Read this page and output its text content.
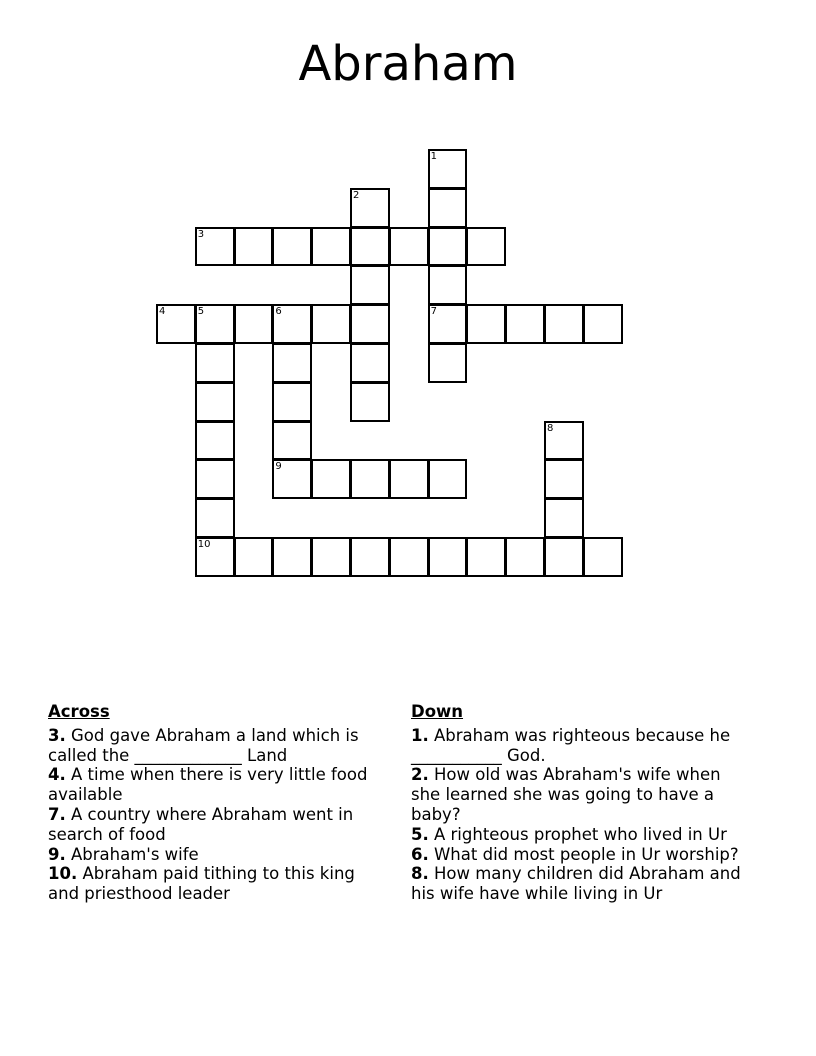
Abraham
1
2
3
4	5	6	7
8
9
10
Across

3. God gave Abraham a land which is called the _____________ Land

4. A time when there is very little food available

7. A country where Abraham went in search of food

9. Abraham's wife

10. Abraham paid tithing to this king and priesthood leader

Down

1. Abraham was righteous because he ___________ God.

2. How old was Abraham's wife when she learned she was going to have a baby?

5. A righteous prophet who lived in Ur

6. What did most people in Ur worship?

8. How many children did Abraham and his wife have while living in Ur
